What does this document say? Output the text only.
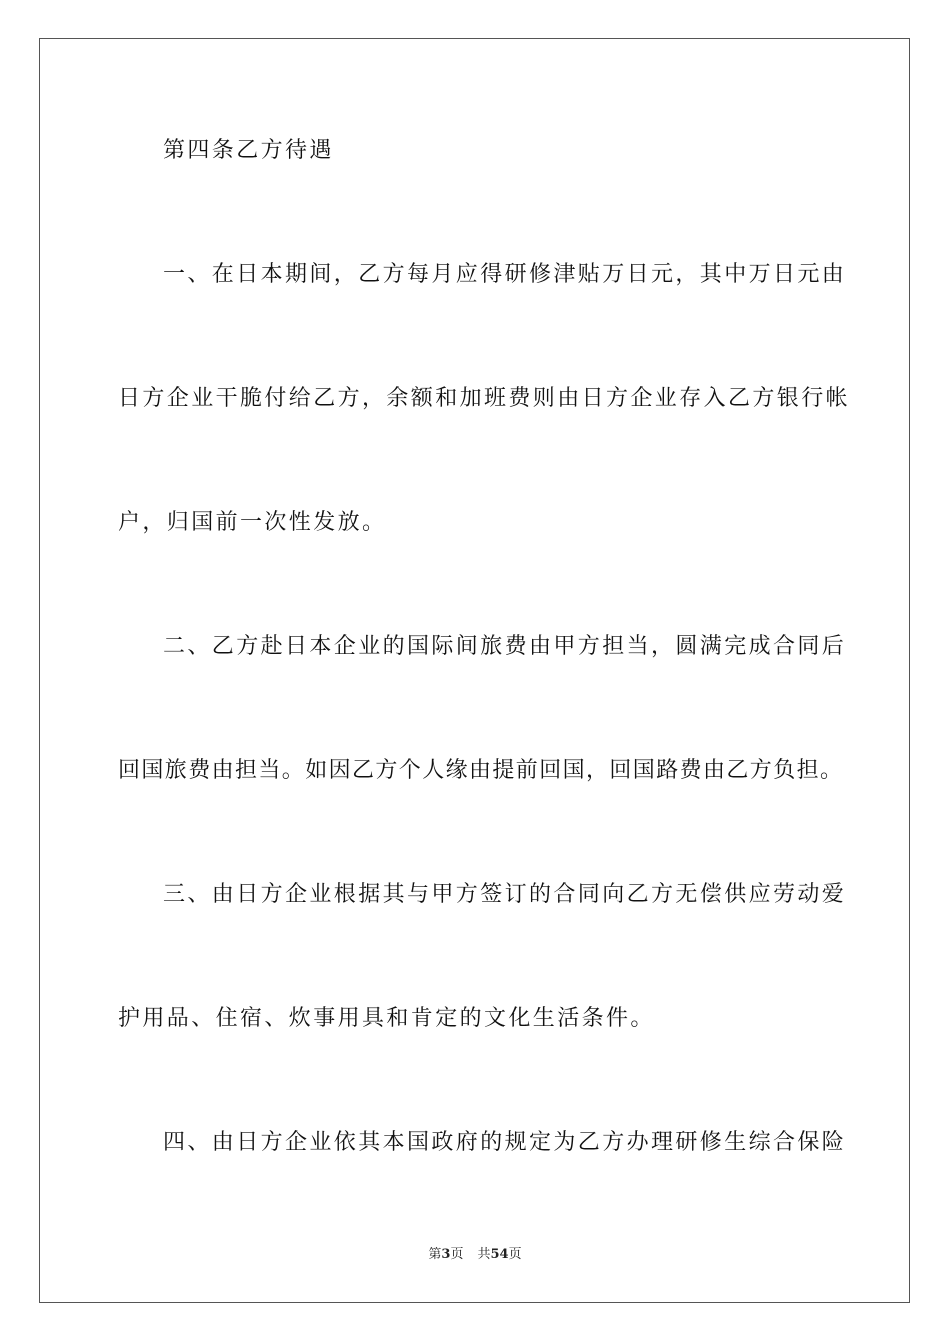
第四条乙方待遇
一、在日本期间，乙方每月应得研修津贴万日元，其中万日元由
日方企业干脆付给乙方，余额和加班费则由日方企业存入乙方银行帐
户，归国前一次性发放。
二、乙方赴日本企业的国际间旅费由甲方担当，圆满完成合同后
回国旅费由担当。如因乙方个人缘由提前回国，回国路费由乙方负担。
三、由日方企业根据其与甲方签订的合同向乙方无偿供应劳动爱
护用品、住宿、炊事用具和肯定的文化生活条件。
四、由日方企业依其本国政府的规定为乙方办理研修生综合保险
第3页 共54页
